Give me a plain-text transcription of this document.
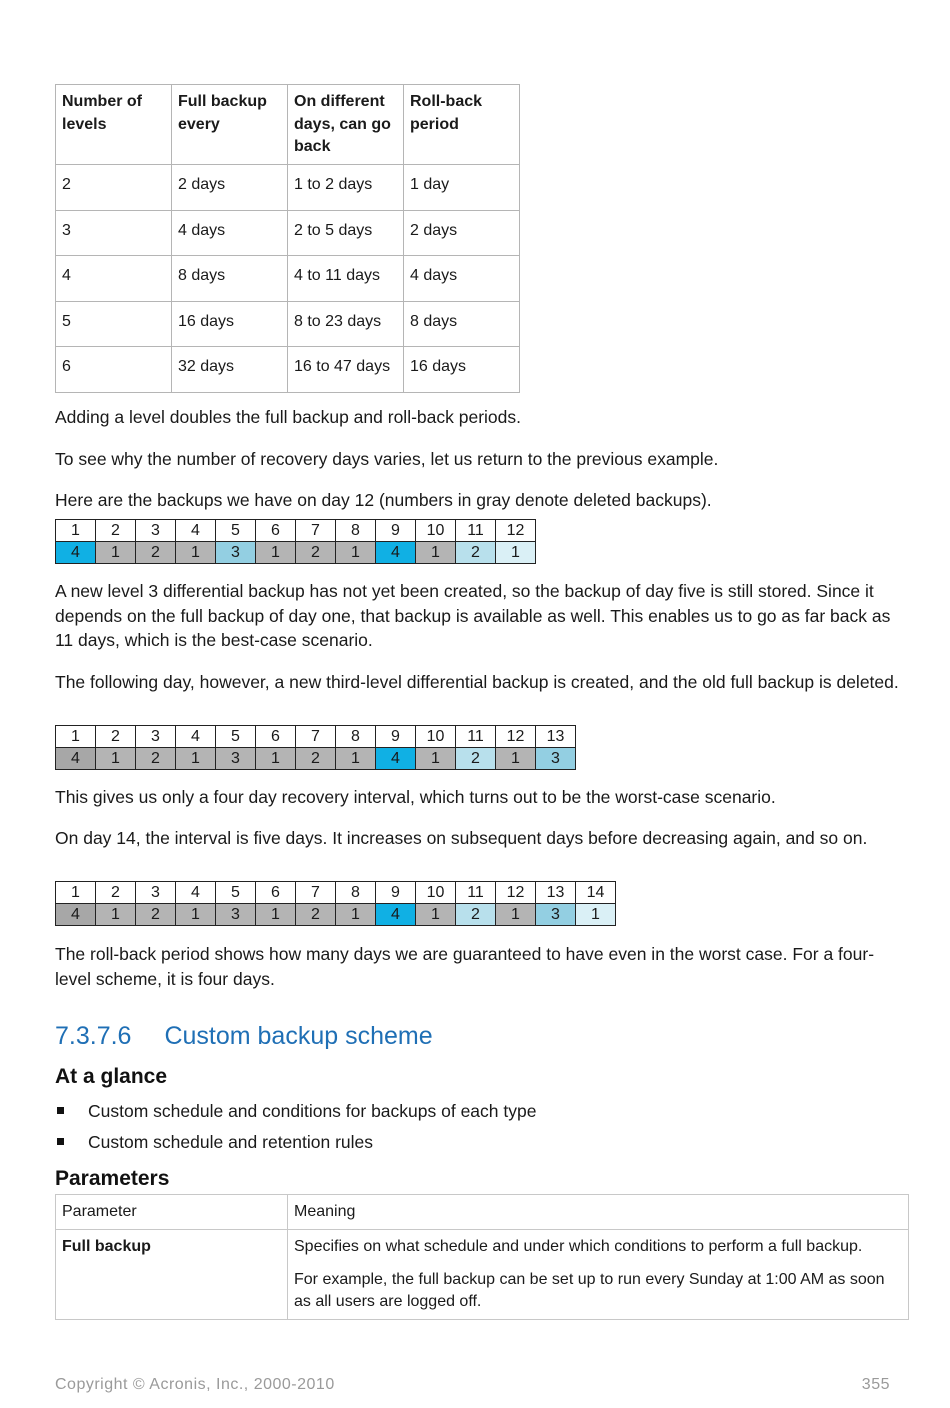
Number of levels	Full backup every	On different days, can go back	Roll-back period
2	2 days	1 to 2 days	1 day
3	4 days	2 to 5 days	2 days
4	8 days	4 to 11 days	4 days
5	16 days	8 to 23 days	8 days
6	32 days	16 to 47 days	16 days

Adding a level doubles the full backup and roll-back periods.

To see why the number of recovery days varies, let us return to the previous example.

Here are the backups we have on day 12 (numbers in gray denote deleted backups).

1	2	3	4	5	6	7	8	9	10	11	12
4	1	2	1	3	1	2	1	4	1	2	1

A new level 3 differential backup has not yet been created, so the backup of day five is still stored. Since it depends on the full backup of day one, that backup is available as well. This enables us to go as far back as 11 days, which is the best-case scenario.

The following day, however, a new third-level differential backup is created, and the old full backup is deleted.

1	2	3	4	5	6	7	8	9	10	11	12	13
4	1	2	1	3	1	2	1	4	1	2	1	3

This gives us only a four day recovery interval, which turns out to be the worst-case scenario.

On day 14, the interval is five days. It increases on subsequent days before decreasing again, and so on.

1	2	3	4	5	6	7	8	9	10	11	12	13	14
4	1	2	1	3	1	2	1	4	1	2	1	3	1

The roll-back period shows how many days we are guaranteed to have even in the worst case. For a four-level scheme, it is four days.

7.3.7.6 Custom backup scheme
At a glance
Custom schedule and conditions for backups of each type
Custom schedule and retention rules
Parameters
Parameter	Meaning
Full backup	Specifies on what schedule and under which conditions to perform a full backup.

For example, the full backup can be set up to run every Sunday at 1:00 AM as soon as all users are logged off.

Copyright © Acronis, Inc., 2000-2010	355
